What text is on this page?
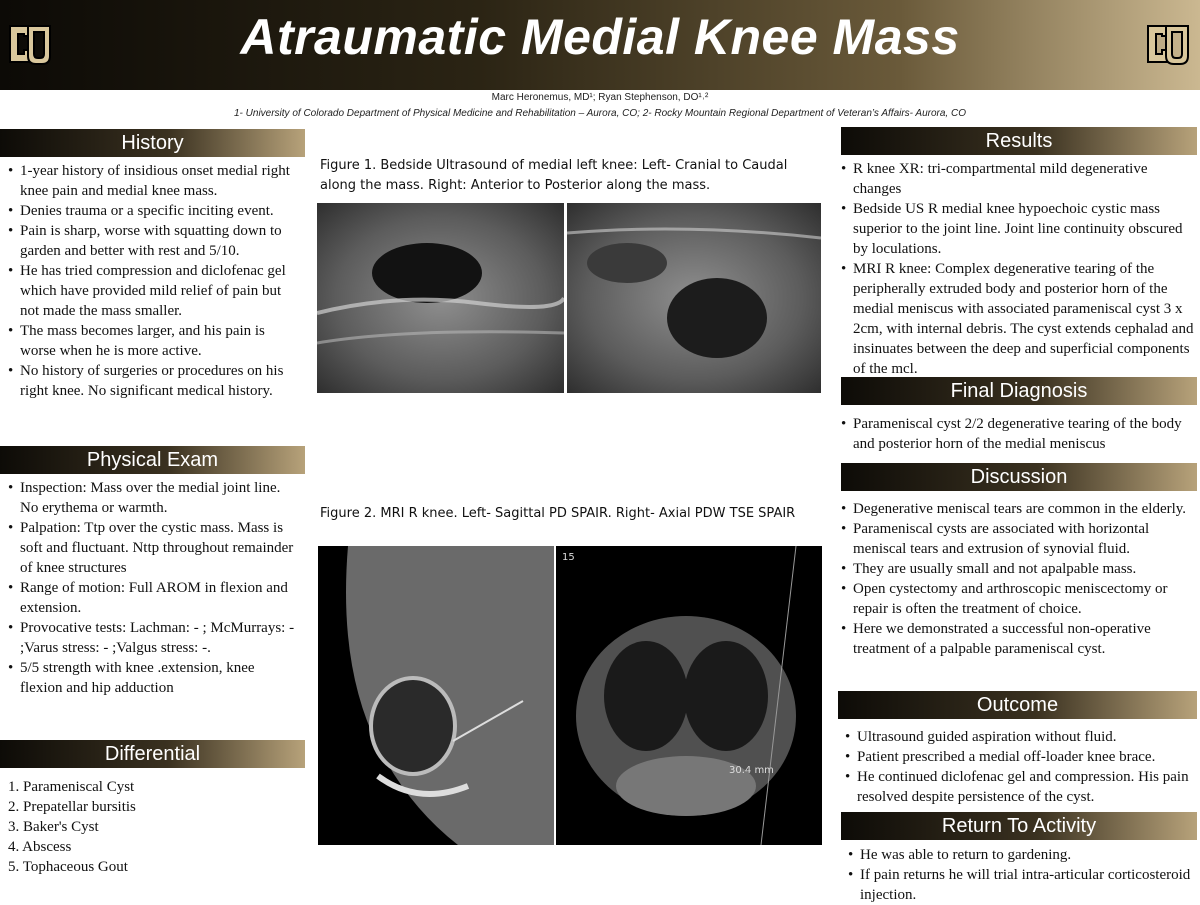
Atraumatic Medial Knee Mass
Marc Heronemus, MD¹; Ryan Stephenson, DO¹˒²
1- University of Colorado Department of Physical Medicine and Rehabilitation – Aurora, CO; 2- Rocky Mountain Regional Department of Veteran’s Affairs- Aurora, CO
History
• 1-year history of insidious onset medial right knee pain and medial knee mass.
• Denies trauma or a specific inciting event.
• Pain is sharp, worse with squatting down to garden and better with rest and 5/10.
• He has tried compression and diclofenac gel which have provided mild relief of pain but not made the mass smaller.
• The mass becomes larger, and his pain is worse when he is more active.
• No history of surgeries or procedures on his right knee. No significant medical history.
Physical Exam
• Inspection: Mass over the medial joint line. No erythema or warmth.
• Palpation: Ttp over the cystic mass. Mass is soft and fluctuant. Nttp throughout remainder of knee structures
• Range of motion: Full AROM in flexion and extension.
• Provocative tests: Lachman: - ; McMurrays: - ;Varus stress: - ;Valgus stress: -.
• 5/5 strength with knee .extension, knee flexion and hip adduction
Differential
1. Parameniscal Cyst
2. Prepatellar bursitis
3. Baker's Cyst
4. Abscess
5. Tophaceous Gout
Figure 1. Bedside Ultrasound of medial left knee: Left- Cranial to Caudal along the mass. Right: Anterior to Posterior along the mass.
Figure 2. MRI R knee. Left- Sagittal PD SPAIR. Right- Axial PDW TSE SPAIR
15
30.4 mm
Results
• R knee XR: tri-compartmental mild degenerative changes
• Bedside US R medial knee hypoechoic cystic mass superior to the joint line. Joint line continuity obscured by loculations.
• MRI R knee: Complex degenerative tearing of the peripherally extruded body and posterior horn of the medial meniscus with associated parameniscal cyst 3 x 2cm, with internal debris. The cyst extends cephalad and insinuates between the deep and superficial components of the mcl.
Final Diagnosis
• Parameniscal cyst 2/2 degenerative tearing of the body and posterior horn of the medial meniscus
Discussion
• Degenerative meniscal tears are common in the elderly.
• Parameniscal cysts are associated with horizontal meniscal tears and extrusion of synovial fluid.
• They are usually small and not apalpable mass.
• Open cystectomy and arthroscopic meniscectomy or repair is often the treatment of choice.
• Here we demonstrated a successful non-operative treatment of a palpable parameniscal cyst.
Outcome
• Ultrasound guided aspiration without fluid.
• Patient prescribed a medial off-loader knee brace.
• He continued diclofenac gel and compression. His pain resolved despite persistence of the cyst.
Return To Activity
• He was able to return to gardening.
• If pain returns he will trial intra-articular corticosteroid injection.
